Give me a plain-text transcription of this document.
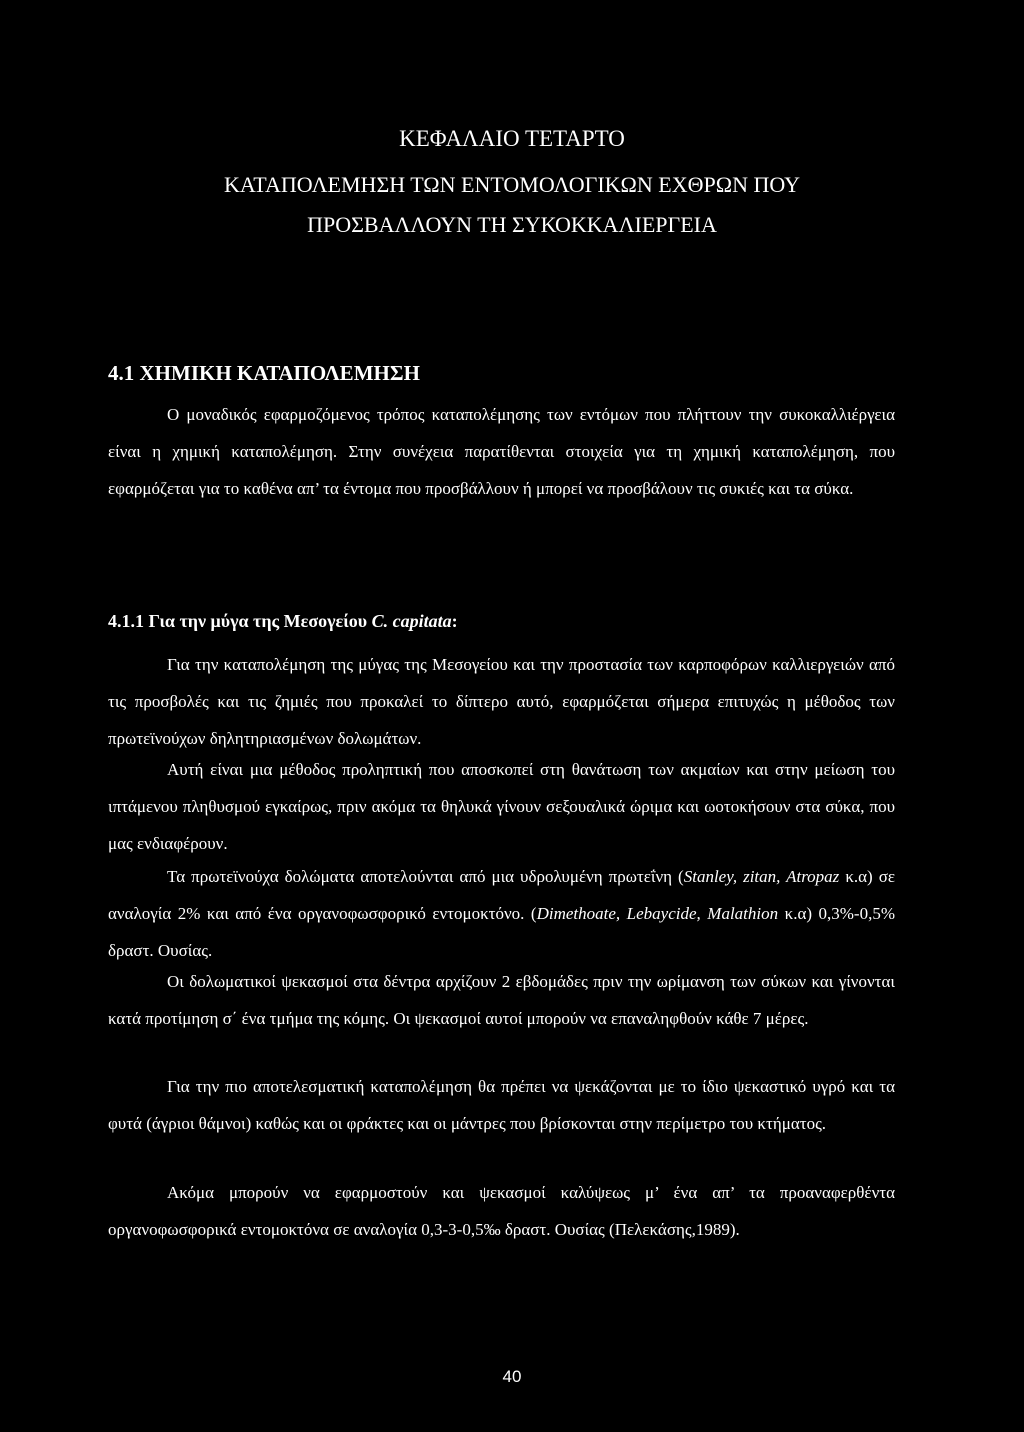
ΚΕΦΑΛΑΙΟ ΤΕΤΑΡΤΟ
ΚΑΤΑΠΟΛΕΜΗΣΗ ΤΩΝ ΕΝΤΟΜΟΛΟΓΙΚΩΝ ΕΧΘΡΩΝ ΠΟΥ
ΠΡΟΣΒΑΛΛΟΥΝ ΤΗ ΣΥΚΟΚΚΑΛΙΕΡΓΕΙΑ
4.1 ΧΗΜΙΚΗ ΚΑΤΑΠΟΛΕΜΗΣΗ

Ο μοναδικός εφαρμοζόμενος τρόπος καταπολέμησης των εντόμων που πλήττουν την συκοκαλλιέργεια είναι η χημική καταπολέμηση. Στην συνέχεια παρατίθενται στοιχεία για τη χημική καταπολέμηση, που εφαρμόζεται για το καθένα απ’ τα έντομα που προσβάλλουν ή μπορεί να προσβάλουν τις συκιές και τα σύκα.

4.1.1 Για την μύγα της Μεσογείου C. capitata:

Για την καταπολέμηση της μύγας της Μεσογείου και την προστασία των καρποφόρων καλλιεργειών από τις προσβολές και τις ζημιές που προκαλεί το δίπτερο αυτό, εφαρμόζεται σήμερα επιτυχώς η μέθοδος των πρωτεϊνούχων δηλητηριασμένων δολωμάτων.

Αυτή είναι μια μέθοδος προληπτική που αποσκοπεί στη θανάτωση των ακμαίων και στην μείωση του ιπτάμενου πληθυσμού εγκαίρως, πριν ακόμα τα θηλυκά γίνουν σεξουαλικά ώριμα και ωοτοκήσουν στα σύκα, που μας ενδιαφέρουν.

Τα πρωτεϊνούχα δολώματα αποτελούνται από μια υδρολυμένη πρωτεΐνη (Stanley, zitan, Atropaz κ.α) σε αναλογία 2% και από ένα οργανοφωσφορικό εντομοκτόνο. (Dimethoate, Lebaycide, Malathion κ.α) 0,3%-0,5% δραστ. Ουσίας.

Οι δολωματικοί ψεκασμοί στα δέντρα αρχίζουν 2 εβδομάδες πριν την ωρίμανση των σύκων και γίνονται κατά προτίμηση σ΄ ένα τμήμα της κόμης. Οι ψεκασμοί αυτοί μπορούν να επαναληφθούν κάθε 7 μέρες.

Για την πιο αποτελεσματική καταπολέμηση θα πρέπει να ψεκάζονται με το ίδιο ψεκαστικό υγρό και τα φυτά (άγριοι θάμνοι) καθώς και οι φράκτες και οι μάντρες που βρίσκονται στην περίμετρο του κτήματος.

Ακόμα μπορούν να εφαρμοστούν και ψεκασμοί καλύψεως μ’ ένα απ’ τα προαναφερθέντα οργανοφωσφορικά εντομοκτόνα σε αναλογία 0,3-3-0,5‰ δραστ. Ουσίας (Πελεκάσης,1989).

40
